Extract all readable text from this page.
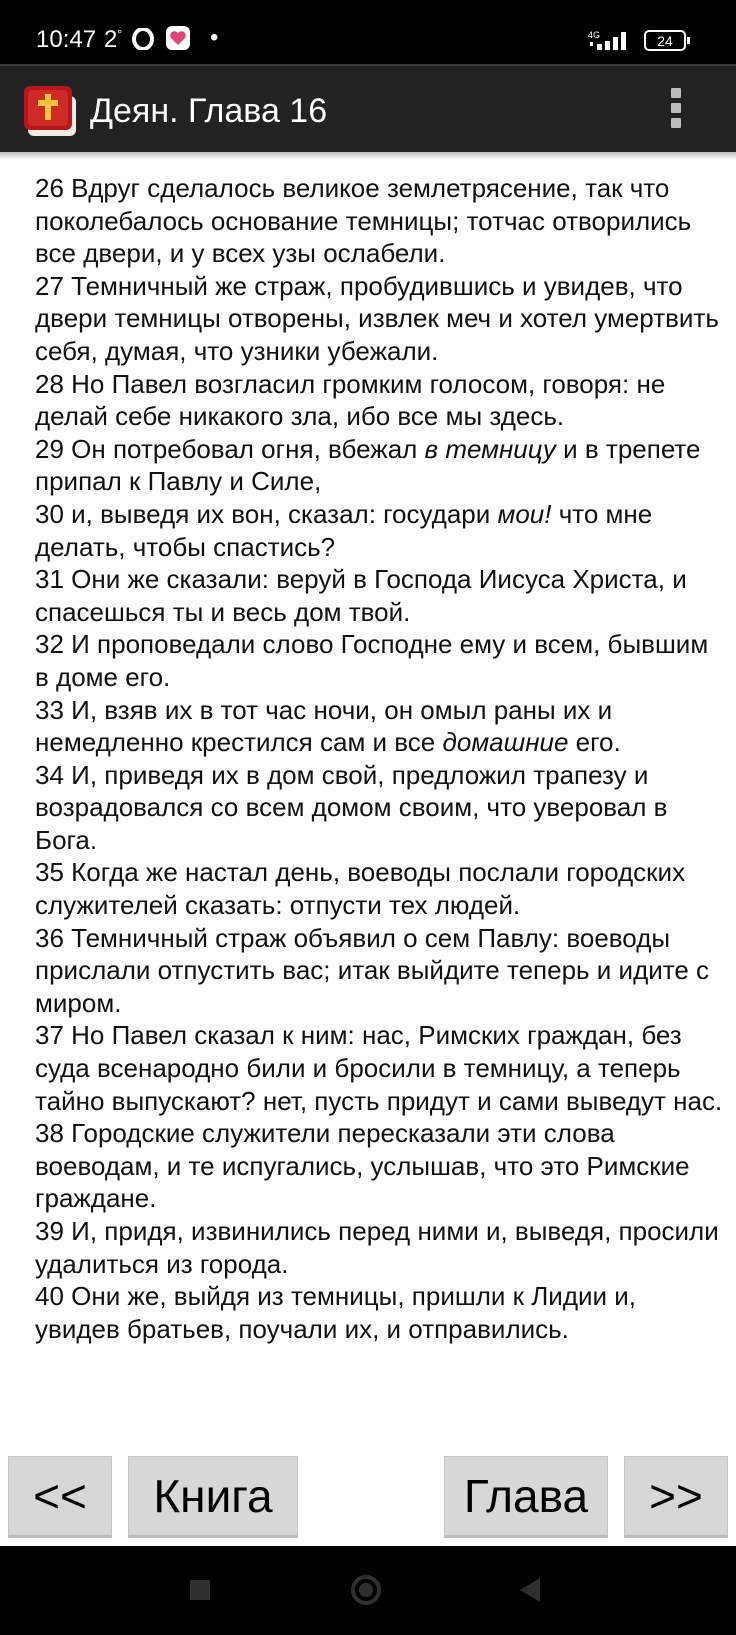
10:47 2°	•	4G	24
Деян. Глава 16

26 Вдруг сделалось великое землетрясение, так что поколебалось основание темницы; тотчас отворились все двери, и у всех узы ослабели.

27 Темничный же страж, пробудившись и увидев, что двери темницы отворены, извлек меч и хотел умертвить себя, думая, что узники убежали.

28 Но Павел возгласил громким голосом, говоря: не делай себе никакого зла, ибо все мы здесь.

29 Он потребовал огня, вбежал в темницу и в трепете припал к Павлу и Силе,

30 и, выведя их вон, сказал: государи мои! что мне делать, чтобы спастись?

31 Они же сказали: веруй в Господа Иисуса Христа, и спасешься ты и весь дом твой.

32 И проповедали слово Господне ему и всем, бывшим в доме его.

33 И, взяв их в тот час ночи, он омыл раны их и немедленно крестился сам и все домашние его.

34 И, приведя их в дом свой, предложил трапезу и возрадовался со всем домом своим, что уверовал в Бога.

35 Когда же настал день, воеводы послали городских служителей сказать: отпусти тех людей.

36 Темничный страж объявил о сем Павлу: воеводы прислали отпустить вас; итак выйдите теперь и идите с миром.

37 Но Павел сказал к ним: нас, Римских граждан, без суда всенародно били и бросили в темницу, а теперь тайно выпускают? нет, пусть придут и сами выведут нас.

38 Городские служители пересказали эти слова воеводам, и те испугались, услышав, что это Римские граждане.

39 И, придя, извинились перед ними и, выведя, просили удалиться из города.

40 Они же, выйдя из темницы, пришли к Лидии и, увидев братьев, поучали их, и отправились.

<<	Книга	Глава	>>
